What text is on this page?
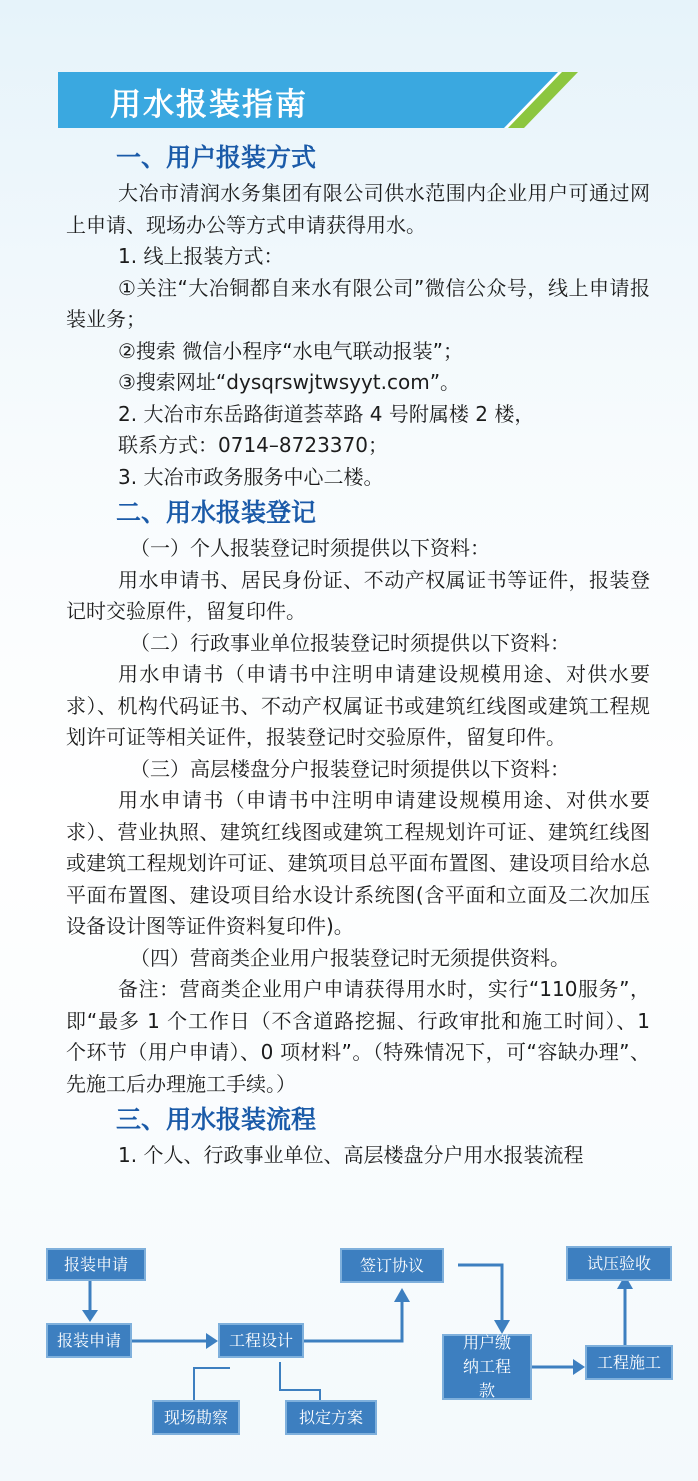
用水报装指南
一、用户报装方式

大冶市清润水务集团有限公司供水范围内企业用户可通过网上申请、现场办公等方式申请获得用水。

1. 线上报装方式：

①关注“大冶铜都自来水有限公司”微信公众号，线上申请报装业务；

②搜索 微信小程序“水电气联动报装”；

③搜索网址“dysqrswjtwsyyt.com”。

2. 大冶市东岳路街道荟萃路 4 号附属楼 2 楼，

联系方式：0714–8723370；

3. 大冶市政务服务中心二楼。

二、用水报装登记

（一）个人报装登记时须提供以下资料：

用水申请书、居民身份证、不动产权属证书等证件，报装登记时交验原件，留复印件。

（二）行政事业单位报装登记时须提供以下资料：

用水申请书（申请书中注明申请建设规模用途、对供水要求）、机构代码证书、不动产权属证书或建筑红线图或建筑工程规划许可证等相关证件，报装登记时交验原件，留复印件。

（三）高层楼盘分户报装登记时须提供以下资料：

用水申请书（申请书中注明申请建设规模用途、对供水要求）、营业执照、建筑红线图或建筑工程规划许可证、建筑红线图或建筑工程规划许可证、建筑项目总平面布置图、建设项目给水总平面布置图、建设项目给水设计系统图(含平面和立面及二次加压设备设计图等证件资料复印件)。

（四）营商类企业用户报装登记时无须提供资料。

备注：营商类企业用户申请获得用水时，实行“110服务”，即“最多 1 个工作日（不含道路挖掘、行政审批和施工时间）、1 个环节（用户申请）、0 项材料”。（特殊情况下，可“容缺办理”、先施工后办理施工手续。）

三、用水报装流程

1. 个人、行政事业单位、高层楼盘分户用水报装流程

报装申请
报装申请	工程设计
现场勘察	拟定方案
签订协议
用户缴纳工程款
工程施工
试压验收
